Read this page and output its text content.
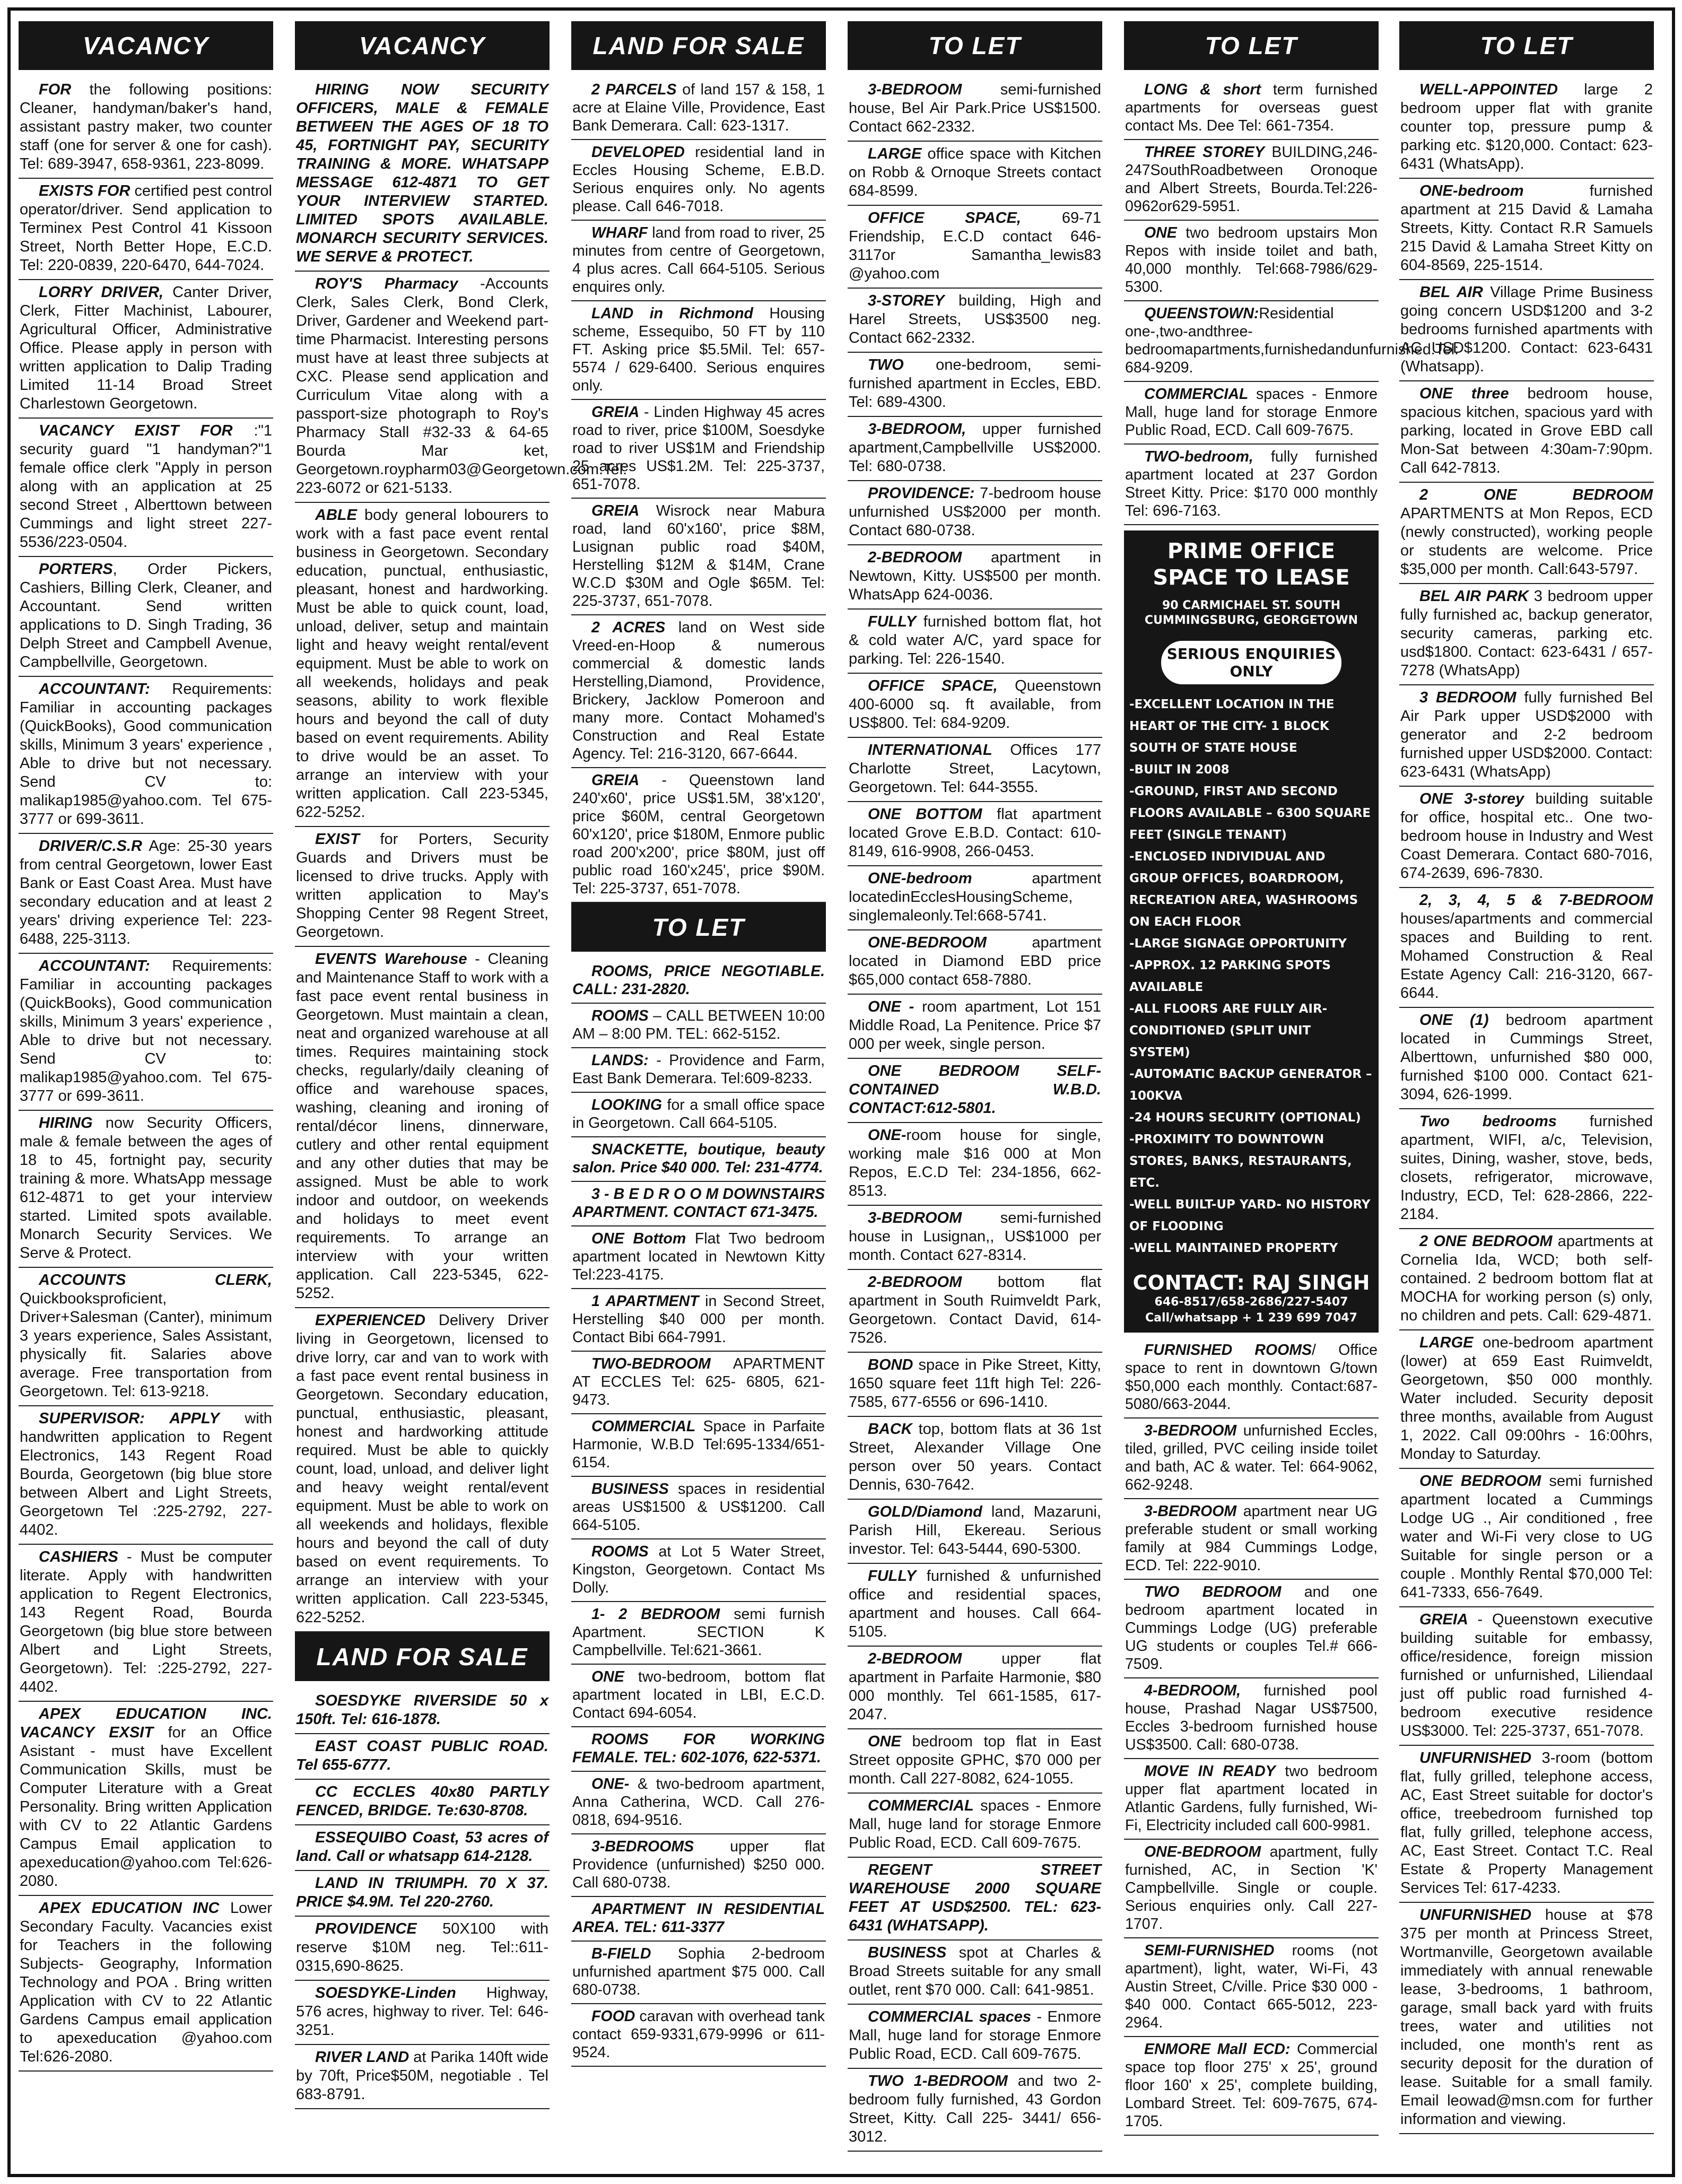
VACANCY

FOR the following positions: Cleaner, handyman/baker's hand, assistant pastry maker, two counter staff (one for server & one for cash). Tel: 689-3947, 658-9361, 223-8099.

EXISTS FOR certified pest control operator/driver. Send application to Terminex Pest Control 41 Kissoon Street, North Better Hope, E.C.D. Tel: 220-0839, 220-6470, 644-7024.

LORRY DRIVER, Canter Driver, Clerk, Fitter Machinist, Labourer, Agricultural Officer, Administrative Office. Please apply in person with written application to Dalip Trading Limited 11-14 Broad Street Charlestown Georgetown.

VACANCY EXIST FOR :"1 security guard "1 handyman?"1 female office clerk "Apply in person along with an application at 25 second Street , Alberttown between Cummings and light street 227-5536/223-0504.

PORTERS, Order Pickers, Cashiers, Billing Clerk, Cleaner, and Accountant. Send written applications to D. Singh Trading, 36 Delph Street and Campbell Avenue, Campbellville, Georgetown.

ACCOUNTANT: Requirements: Familiar in accounting packages (QuickBooks), Good communication skills, Minimum 3 years' experience , Able to drive but not necessary. Send CV to: malikap1985@yahoo.com. Tel 675-3777 or 699-3611.

DRIVER/C.S.R Age: 25-30 years from central Georgetown, lower East Bank or East Coast Area. Must have secondary education and at least 2 years' driving experience Tel: 223-6488, 225-3113.

ACCOUNTANT: Requirements: Familiar in accounting packages (QuickBooks), Good communication skills, Minimum 3 years' experience , Able to drive but not necessary. Send CV to: malikap1985@yahoo.com. Tel 675-3777 or 699-3611.

HIRING now Security Officers, male & female between the ages of 18 to 45, fortnight pay, security training & more. WhatsApp message 612-4871 to get your interview started. Limited spots available. Monarch Security Services. We Serve & Protect.

ACCOUNTS CLERK, Quickbooksproficient, Driver+Salesman (Canter), minimum 3 years experience, Sales Assistant, physically fit. Salaries above average. Free transportation from Georgetown. Tel: 613-9218.

SUPERVISOR: APPLY with handwritten application to Regent Electronics, 143 Regent Road Bourda, Georgetown (big blue store between Albert and Light Streets, Georgetown Tel :225-2792, 227-4402.

CASHIERS - Must be computer literate. Apply with handwritten application to Regent Electronics, 143 Regent Road, Bourda Georgetown (big blue store between Albert and Light Streets, Georgetown). Tel: :225-2792, 227-4402.

APEX EDUCATION INC. VACANCY EXSIT for an Office Asistant - must have Excellent Communication Skills, must be Computer Literature with a Great Personality. Bring written Application with CV to 22 Atlantic Gardens Campus Email application to apexeducation@yahoo.com Tel:626-2080.

APEX EDUCATION INC Lower Secondary Faculty. Vacancies exist for Teachers in the following Subjects- Geography, Information Technology and POA . Bring written Application with CV to 22 Atlantic Gardens Campus email application to apexeducation @yahoo.com Tel:626-2080.

VACANCY

HIRING NOW SECURITY OFFICERS, MALE & FEMALE BETWEEN THE AGES OF 18 TO 45, FORTNIGHT PAY, SECURITY TRAINING & MORE. WHATSAPP MESSAGE 612-4871 TO GET YOUR INTERVIEW STARTED. LIMITED SPOTS AVAILABLE. MONARCH SECURITY SERVICES. WE SERVE & PROTECT.

ROY'S Pharmacy -Accounts Clerk, Sales Clerk, Bond Clerk, Driver, Gardener and Weekend part-time Pharmacist. Interesting persons must have at least three subjects at CXC. Please send application and Curriculum Vitae along with a passport-size photograph to Roy's Pharmacy Stall #32-33 & 64-65 Bourda Mar ket, Georgetown.roypharm03@Georgetown.com.Tel: 223-6072 or 621-5133.

ABLE body general lobourers to work with a fast pace event rental business in Georgetown. Secondary education, punctual, enthusiastic, pleasant, honest and hardworking. Must be able to quick count, load, unload, deliver, setup and maintain light and heavy weight rental/event equipment. Must be able to work on all weekends, holidays and peak seasons, ability to work flexible hours and beyond the call of duty based on event requirements. Ability to drive would be an asset. To arrange an interview with your written application. Call 223-5345, 622-5252.

EXIST for Porters, Security Guards and Drivers must be licensed to drive trucks. Apply with written application to May's Shopping Center 98 Regent Street, Georgetown.

EVENTS Warehouse - Cleaning and Maintenance Staff to work with a fast pace event rental business in Georgetown. Must maintain a clean, neat and organized warehouse at all times. Requires maintaining stock checks, regularly/daily cleaning of office and warehouse spaces, washing, cleaning and ironing of rental/décor linens, dinnerware, cutlery and other rental equipment and any other duties that may be assigned. Must be able to work indoor and outdoor, on weekends and holidays to meet event requirements. To arrange an interview with your written application. Call 223-5345, 622-5252.

EXPERIENCED Delivery Driver living in Georgetown, licensed to drive lorry, car and van to work with a fast pace event rental business in Georgetown. Secondary education, punctual, enthusiastic, pleasant, honest and hardworking attitude required. Must be able to quickly count, load, unload, and deliver light and heavy weight rental/event equipment. Must be able to work on all weekends and holidays, flexible hours and beyond the call of duty based on event requirements. To arrange an interview with your written application. Call 223-5345, 622-5252.

LAND FOR SALE

SOESDYKE RIVERSIDE 50 x 150ft. Tel: 616-1878.

EAST COAST PUBLIC ROAD. Tel 655-6777.

CC ECCLES 40x80 PARTLY FENCED, BRIDGE. Te:630-8708.

ESSEQUIBO Coast, 53 acres of land. Call or whatsapp 614-2128.

LAND IN TRIUMPH. 70 X 37. PRICE $4.9M. Tel 220-2760.

PROVIDENCE 50X100 with reserve $10M neg. Tel::611-0315,690-8625.

SOESDYKE-Linden Highway, 576 acres, highway to river. Tel: 646-3251.

RIVER LAND at Parika 140ft wide by 70ft, Price$50M, negotiable . Tel 683-8791.

LAND FOR SALE

2 PARCELS of land 157 & 158, 1 acre at Elaine Ville, Providence, East Bank Demerara. Call: 623-1317.

DEVELOPED residential land in Eccles Housing Scheme, E.B.D. Serious enquires only. No agents please. Call 646-7018.

WHARF land from road to river, 25 minutes from centre of Georgetown, 4 plus acres. Call 664-5105. Serious enquires only.

LAND in Richmond Housing scheme, Essequibo, 50 FT by 110 FT. Asking price $5.5Mil. Tel: 657-5574 / 629-6400. Serious enquires only.

GREIA - Linden Highway 45 acres road to river, price $100M, Soesdyke road to river US$1M and Friendship 25 acres US$1.2M. Tel: 225-3737, 651-7078.

GREIA Wisrock near Mabura road, land 60'x160', price $8M, Lusignan public road $40M, Herstelling $12M & $14M, Crane W.C.D $30M and Ogle $65M. Tel: 225-3737, 651-7078.

2 ACRES land on West side Vreed-en-Hoop & numerous commercial & domestic lands Herstelling,Diamond, Providence, Brickery, Jacklow Pomeroon and many more. Contact Mohamed's Construction and Real Estate Agency. Tel: 216-3120, 667-6644.

GREIA - Queenstown land 240'x60', price US$1.5M, 38'x120', price $60M, central Georgetown 60'x120', price $180M, Enmore public road 200'x200', price $80M, just off public road 160'x245', price $90M. Tel: 225-3737, 651-7078.

TO LET

ROOMS, PRICE NEGOTIABLE. CALL: 231-2820.

ROOMS – CALL BETWEEN 10:00 AM – 8:00 PM. TEL: 662-5152.

LANDS: - Providence and Farm, East Bank Demerara. Tel:609-8233.

LOOKING for a small office space in Georgetown. Call 664-5105.

SNACKETTE, boutique, beauty salon. Price $40 000. Tel: 231-4774.

3 - B E D R O O M DOWNSTAIRS APARTMENT. CONTACT 671-3475.

ONE Bottom Flat Two bedroom apartment located in Newtown Kitty Tel:223-4175.

1 APARTMENT in Second Street, Herstelling $40 000 per month. Contact Bibi 664-7991.

TWO-BEDROOM APARTMENT AT ECCLES Tel: 625- 6805, 621-9473.

COMMERCIAL Space in Parfaite Harmonie, W.B.D Tel:695-1334/651-6154.

BUSINESS spaces in residential areas US$1500 & US$1200. Call 664-5105.

ROOMS at Lot 5 Water Street, Kingston, Georgetown. Contact Ms Dolly.

1- 2 BEDROOM semi furnish Apartment. SECTION K Campbellville. Tel:621-3661.

ONE two-bedroom, bottom flat apartment located in LBI, E.C.D. Contact 694-6054.

ROOMS FOR WORKING FEMALE. TEL: 602-1076, 622-5371.

ONE- & two-bedroom apartment, Anna Catherina, WCD. Call 276-0818, 694-9516.

3-BEDROOMS upper flat Providence (unfurnished) $250 000. Call 680-0738.

APARTMENT IN RESIDENTIAL AREA. TEL: 611-3377

B-FIELD Sophia 2-bedroom unfurnished apartment $75 000. Call 680-0738.

FOOD caravan with overhead tank contact 659-9331,679-9996 or 611-9524.

TO LET

3-BEDROOM semi-furnished house, Bel Air Park.Price US$1500. Contact 662-2332.

LARGE office space with Kitchen on Robb & Ornoque Streets contact 684-8599.

OFFICE SPACE, 69-71 Friendship, E.C.D contact 646-3117or Samantha_lewis83 @yahoo.com

3-STOREY building, High and Harel Streets, US$3500 neg. Contact 662-2332.

TWO one-bedroom, semi-furnished apartment in Eccles, EBD. Tel: 689-4300.

3-BEDROOM, upper furnished apartment,Campbellville US$2000. Tel: 680-0738.

PROVIDENCE: 7-bedroom house unfurnished US$2000 per month. Contact 680-0738.

2-BEDROOM apartment in Newtown, Kitty. US$500 per month. WhatsApp 624-0036.

FULLY furnished bottom flat, hot & cold water A/C, yard space for parking. Tel: 226-1540.

OFFICE SPACE, Queenstown 400-6000 sq. ft available, from US$800. Tel: 684-9209.

INTERNATIONAL Offices 177 Charlotte Street, Lacytown, Georgetown. Tel: 644-3555.

ONE BOTTOM flat apartment located Grove E.B.D. Contact: 610-8149, 616-9908, 266-0453.

ONE-bedroom apartment locatedinEcclesHousingScheme, singlemaleonly.Tel:668-5741.

ONE-BEDROOM apartment located in Diamond EBD price $65,000 contact 658-7880.

ONE - room apartment, Lot 151 Middle Road, La Penitence. Price $7 000 per week, single person.

ONE BEDROOM SELF-CONTAINED W.B.D. CONTACT:612-5801.

ONE-room house for single, working male $16 000 at Mon Repos, E.C.D Tel: 234-1856, 662-8513.

3-BEDROOM semi-furnished house in Lusignan,, US$1000 per month. Contact 627-8314.

2-BEDROOM bottom flat apartment in South Ruimveldt Park, Georgetown. Contact David, 614-7526.

BOND space in Pike Street, Kitty, 1650 square feet 11ft high Tel: 226-7585, 677-6556 or 696-1410.

BACK top, bottom flats at 36 1st Street, Alexander Village One person over 50 years. Contact Dennis, 630-7642.

GOLD/Diamond land, Mazaruni, Parish Hill, Ekereau. Serious investor. Tel: 643-5444, 690-5300.

FULLY furnished & unfurnished office and residential spaces, apartment and houses. Call 664-5105.

2-BEDROOM upper flat apartment in Parfaite Harmonie, $80 000 monthly. Tel 661-1585, 617-2047.

ONE bedroom top flat in East Street opposite GPHC, $70 000 per month. Call 227-8082, 624-1055.

COMMERCIAL spaces - Enmore Mall, huge land for storage Enmore Public Road, ECD. Call 609-7675.

REGENT STREET WAREHOUSE 2000 SQUARE FEET AT USD$2500. TEL: 623-6431 (WHATSAPP).

BUSINESS spot at Charles & Broad Streets suitable for any small outlet, rent $70 000. Call: 641-9851.

COMMERCIAL spaces - Enmore Mall, huge land for storage Enmore Public Road, ECD. Call 609-7675.

TWO 1-BEDROOM and two 2-bedroom fully furnished, 43 Gordon Street, Kitty. Call 225- 3441/ 656-3012.

TO LET

LONG & short term furnished apartments for overseas guest contact Ms. Dee Tel: 661-7354.

THREE STOREY BUILDING,246-247SouthRoadbetween Oronoque and Albert Streets, Bourda.Tel:226-0962or629-5951.

ONE two bedroom upstairs Mon Repos with inside toilet and bath, 40,000 monthly. Tel:668-7986/629-5300.

QUEENSTOWN:Residential one-,two-andthree-bedroomapartments,furnishedandunfurnished.Tel: 684-9209.

COMMERCIAL spaces - Enmore Mall, huge land for storage Enmore Public Road, ECD. Call 609-7675.

TWO-bedroom, fully furnished apartment located at 237 Gordon Street Kitty. Price: $170 000 monthly Tel: 696-7163.

PRIME OFFICE SPACE TO LEASE
90 CARMICHAEL ST. SOUTH CUMMINGSBURG, GEORGETOWN
SERIOUS ENQUIRIES ONLY
-EXCELLENT LOCATION IN THE HEART OF THE CITY- 1 BLOCK SOUTH OF STATE HOUSE
-BUILT IN 2008
-GROUND, FIRST AND SECOND FLOORS AVAILABLE – 6300 SQUARE FEET (SINGLE TENANT)
-ENCLOSED INDIVIDUAL AND GROUP OFFICES, BOARDROOM, RECREATION AREA, WASHROOMS ON EACH FLOOR
-LARGE SIGNAGE OPPORTUNITY
-APPROX. 12 PARKING SPOTS AVAILABLE
-ALL FLOORS ARE FULLY AIR-CONDITIONED (SPLIT UNIT SYSTEM)
-AUTOMATIC BACKUP GENERATOR – 100KVA
-24 HOURS SECURITY (OPTIONAL)
-PROXIMITY TO DOWNTOWN STORES, BANKS, RESTAURANTS, ETC.
-WELL BUILT-UP YARD- NO HISTORY OF FLOODING
-WELL MAINTAINED PROPERTY
CONTACT: RAJ SINGH
646-8517/658-2686/227-5407
Call/whatsapp + 1 239 699 7047

FURNISHED ROOMS/ Office space to rent in downtown G/town $50,000 each monthly. Contact:687-5080/663-2044.

3-BEDROOM unfurnished Eccles, tiled, grilled, PVC ceiling inside toilet and bath, AC & water. Tel: 664-9062, 662-9248.

3-BEDROOM apartment near UG preferable student or small working family at 984 Cummings Lodge, ECD. Tel: 222-9010.

TWO BEDROOM and one bedroom apartment located in Cummings Lodge (UG) preferable UG students or couples Tel.# 666-7509.

4-BEDROOM, furnished pool house, Prashad Nagar US$7500, Eccles 3-bedroom furnished house US$3500. Call: 680-0738.

MOVE IN READY two bedroom upper flat apartment located in Atlantic Gardens, fully furnished, Wi-Fi, Electricity included call 600-9981.

ONE-BEDROOM apartment, fully furnished, AC, in Section 'K' Campbellville. Single or couple. Serious enquiries only. Call 227-1707.

SEMI-FURNISHED rooms (not apartment), light, water, Wi-Fi, 43 Austin Street, C/ville. Price $30 000 - $40 000. Contact 665-5012, 223-2964.

ENMORE Mall ECD: Commercial space top floor 275' x 25', ground floor 160' x 25', complete building, Lombard Street. Tel: 609-7675, 674-1705.

TO LET

WELL-APPOINTED large 2 bedroom upper flat with granite counter top, pressure pump & parking etc. $120,000. Contact: 623-6431 (WhatsApp).

ONE-bedroom furnished apartment at 215 David & Lamaha Streets, Kitty. Contact R.R Samuels 215 David & Lamaha Street Kitty on 604-8569, 225-1514.

BEL AIR Village Prime Business going concern USD$1200 and 3-2 bedrooms furnished apartments with AC USD$1200. Contact: 623-6431 (Whatsapp).

ONE three bedroom house, spacious kitchen, spacious yard with parking, located in Grove EBD call Mon-Sat between 4:30am-7:90pm. Call 642-7813.

2 ONE BEDROOM APARTMENTS at Mon Repos, ECD (newly constructed), working people or students are welcome. Price $35,000 per month. Call:643-5797.

BEL AIR PARK 3 bedroom upper fully furnished ac, backup generator, security cameras, parking etc. usd$1800. Contact: 623-6431 / 657-7278 (WhatsApp)

3 BEDROOM fully furnished Bel Air Park upper USD$2000 with generator and 2-2 bedroom furnished upper USD$2000. Contact: 623-6431 (WhatsApp)

ONE 3-storey building suitable for office, hospital etc.. One two-bedroom house in Industry and West Coast Demerara. Contact 680-7016, 674-2639, 696-7830.

2, 3, 4, 5 & 7-BEDROOM houses/apartments and commercial spaces and Building to rent. Mohamed Construction & Real Estate Agency Call: 216-3120, 667-6644.

ONE (1) bedroom apartment located in Cummings Street, Alberttown, unfurnished $80 000, furnished $100 000. Contact 621-3094, 626-1999.

Two bedrooms furnished apartment, WIFI, a/c, Television, suites, Dining, washer, stove, beds, closets, refrigerator, microwave, Industry, ECD, Tel: 628-2866, 222-2184.

2 ONE BEDROOM apartments at Cornelia Ida, WCD; both self-contained. 2 bedroom bottom flat at MOCHA for working person (s) only, no children and pets. Call: 629-4871.

LARGE one-bedroom apartment (lower) at 659 East Ruimveldt, Georgetown, $50 000 monthly. Water included. Security deposit three months, available from August 1, 2022. Call 09:00hrs - 16:00hrs, Monday to Saturday.

ONE BEDROOM semi furnished apartment located a Cummings Lodge UG ., Air conditioned , free water and Wi-Fi very close to UG Suitable for single person or a couple . Monthly Rental $70,000 Tel: 641-7333, 656-7649.

GREIA - Queenstown executive building suitable for embassy, office/residence, foreign mission furnished or unfurnished, Liliendaal just off public road furnished 4-bedroom executive residence US$3000. Tel: 225-3737, 651-7078.

UNFURNISHED 3-room (bottom flat, fully grilled, telephone access, AC, East Street suitable for doctor's office, treebedroom furnished top flat, fully grilled, telephone access, AC, East Street. Contact T.C. Real Estate & Property Management Services Tel: 617-4233.

UNFURNISHED house at $78 375 per month at Princess Street, Wortmanville, Georgetown available immediately with annual renewable lease, 3-bedrooms, 1 bathroom, garage, small back yard with fruits trees, water and utilities not included, one month's rent as security deposit for the duration of lease. Suitable for a small family. Email leowad@msn.com for further information and viewing.
